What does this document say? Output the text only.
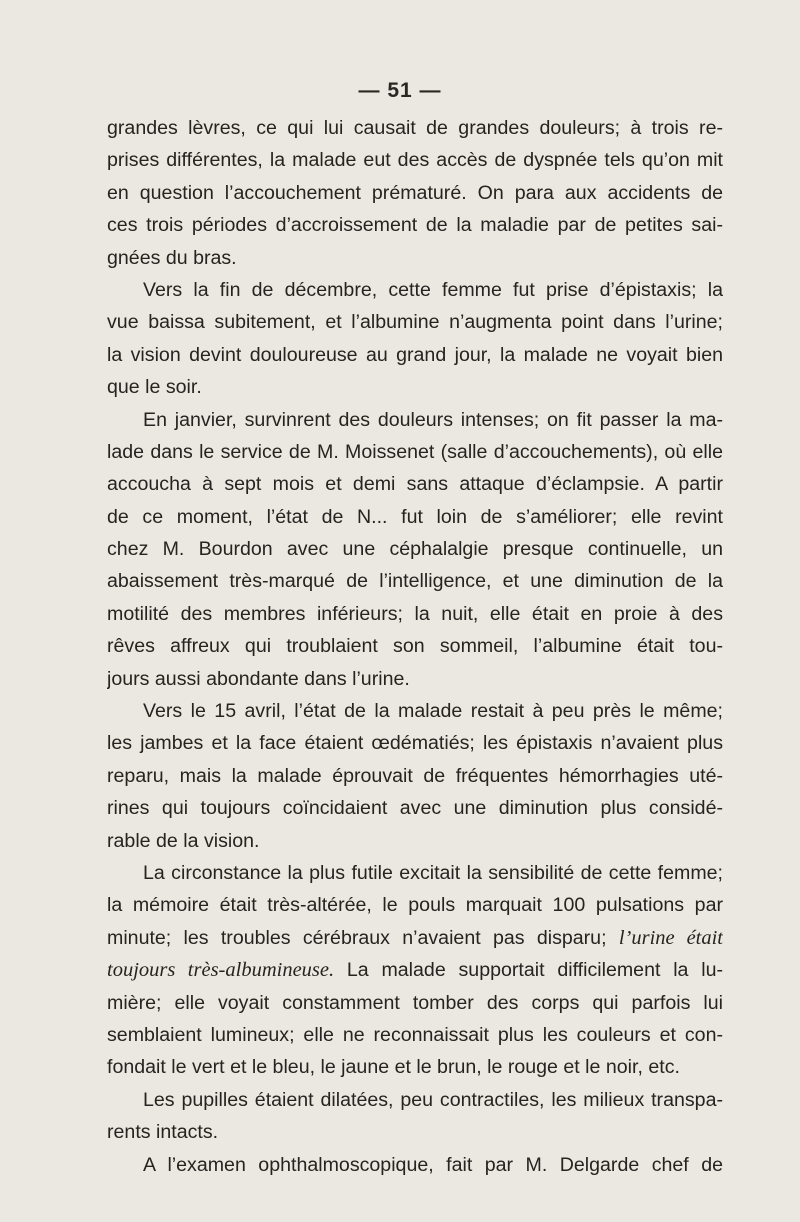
— 51 —
grandes lèvres, ce qui lui causait de grandes douleurs; à trois re-
prises différentes, la malade eut des accès de dyspnée tels qu’on mit
en question l’accouchement prématuré. On para aux accidents de
ces trois périodes d’accroissement de la maladie par de petites sai-
gnées du bras.
Vers la fin de décembre, cette femme fut prise d’épistaxis; la
vue baissa subitement, et l’albumine n’augmenta point dans l’urine;
la vision devint douloureuse au grand jour, la malade ne voyait bien
que le soir.
En janvier, survinrent des douleurs intenses; on fit passer la ma-
lade dans le service de M. Moissenet (salle d’accouchements), où elle
accoucha à sept mois et demi sans attaque d’éclampsie. A partir
de ce moment, l’état de N... fut loin de s’améliorer; elle revint
chez M. Bourdon avec une céphalalgie presque continuelle, un
abaissement très-marqué de l’intelligence, et une diminution de la
motilité des membres inférieurs; la nuit, elle était en proie à des
rêves affreux qui troublaient son sommeil, l’albumine était tou-
jours aussi abondante dans l’urine.
Vers le 15 avril, l’état de la malade restait à peu près le même;
les jambes et la face étaient œdématiés; les épistaxis n’avaient plus
reparu, mais la malade éprouvait de fréquentes hémorrhagies uté-
rines qui toujours coïncidaient avec une diminution plus considé-
rable de la vision.
La circonstance la plus futile excitait la sensibilité de cette femme;
la mémoire était très-altérée, le pouls marquait 100 pulsations par
minute; les troubles cérébraux n’avaient pas disparu; l’urine était
toujours très-albumineuse. La malade supportait difficilement la lu-
mière; elle voyait constamment tomber des corps qui parfois lui
semblaient lumineux; elle ne reconnaissait plus les couleurs et con-
fondait le vert et le bleu, le jaune et le brun, le rouge et le noir, etc.
Les pupilles étaient dilatées, peu contractiles, les milieux transpa-
rents intacts.
A l’examen ophthalmoscopique, fait par M. Delgarde chef de
